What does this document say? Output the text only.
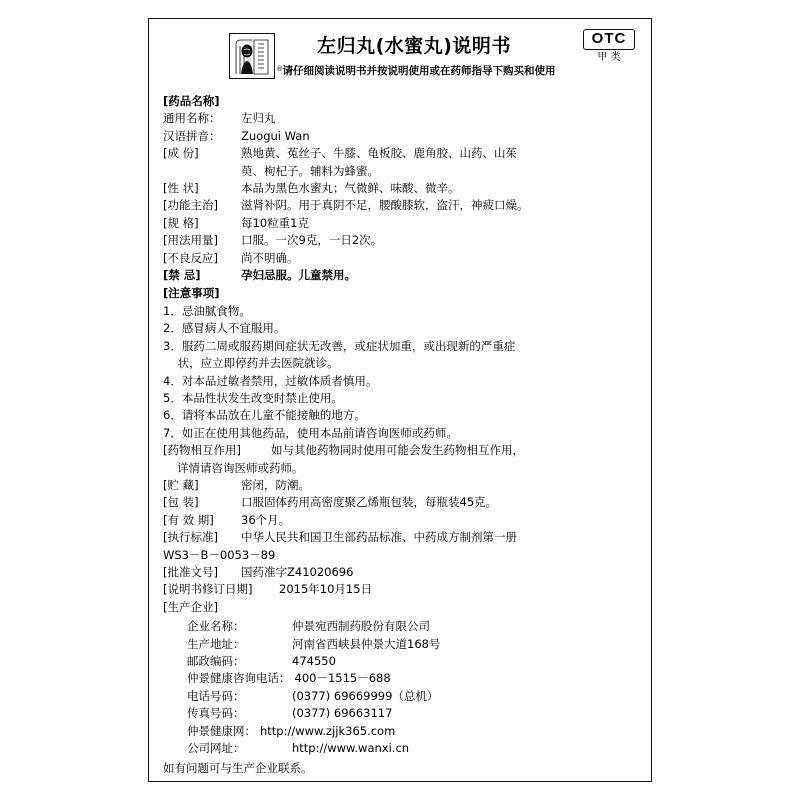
®
左归丸(水蜜丸)说明书
请仔细阅读说明书并按说明使用或在药师指导下购买和使用
OTC
甲 类
[药品名称]
通用名称：	左归丸
汉语拼音：	Zuogui Wan
[成 份]	熟地黄、菟丝子、牛膝、龟板胶、鹿角胶、山药、山茱
萸、枸杞子。辅料为蜂蜜。
[性 状]	本品为黑色水蜜丸；气微鲜、味酸、微辛。
[功能主治]	滋肾补阴。用于真阴不足，腰酸膝软，盗汗，神疲口燥。
[规 格]	每10粒重1克
[用法用量]	口服。一次9克，一日2次。
[不良反应]	尚不明确。
[禁 忌]	孕妇忌服。儿童禁用。
[注意事项]
1．忌油腻食物。
2．感冒病人不宜服用。
3．服药二周或服药期间症状无改善，或症状加重，或出现新的严重症
状，应立即停药并去医院就诊。
4．对本品过敏者禁用，过敏体质者慎用。
5．本品性状发生改变时禁止使用。
6．请将本品放在儿童不能接触的地方。
7．如正在使用其他药品，使用本品前请咨询医师或药师。
[药物相互作用]	如与其他药物同时使用可能会发生药物相互作用，
详情请咨询医师或药师。
[贮 藏]	密闭，防潮。
[包 装]	口服固体药用高密度聚乙烯瓶包装，每瓶装45克。
[有 效 期]	36个月。
[执行标准]	中华人民共和国卫生部药品标准、中药成方制剂第一册
WS3－B－0053－89
[批准文号]	国药准字Z41020696
[说明书修订日期]	2015年10月15日
[生产企业]
企业名称：	仲景宛西制药股份有限公司
生产地址：	河南省西峡县仲景大道168号
邮政编码：	474550
仲景健康咨询电话： 400－1515－688
电话号码：	(0377) 69669999（总机）
传真号码：	(0377) 69663117
仲景健康网： http://www.zjjk365.com
公司网址：	http://www.wanxi.cn
如有问题可与生产企业联系。
